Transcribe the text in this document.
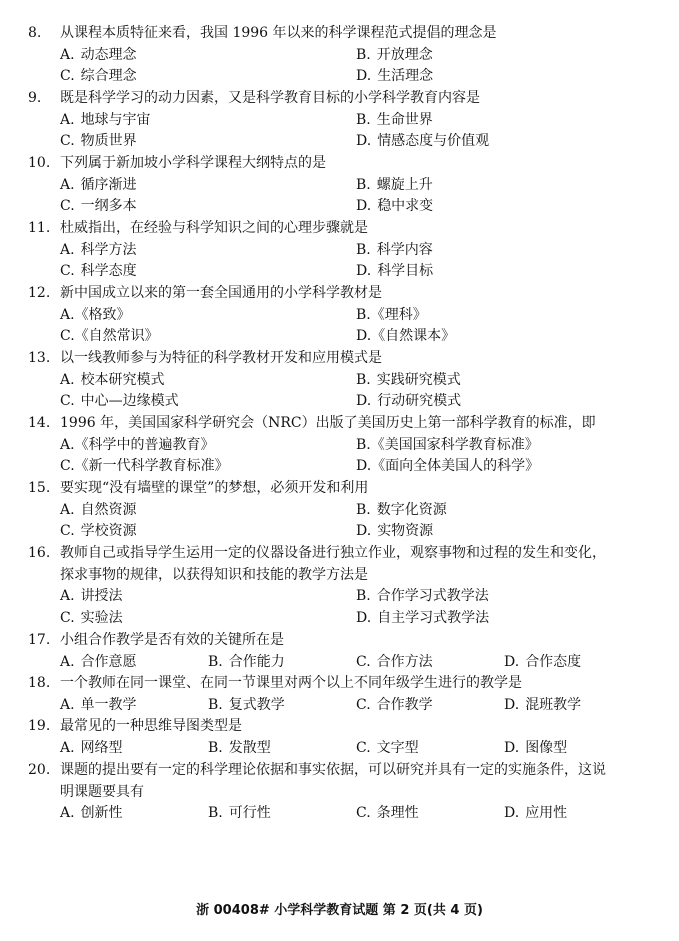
8. 从课程本质特征来看，我国 1996 年以来的科学课程范式提倡的理念是
A. 动态理念	B. 开放理念
C. 综合理念	D. 生活理念
9. 既是科学学习的动力因素，又是科学教育目标的小学科学教育内容是
A. 地球与宇宙	B. 生命世界
C. 物质世界	D. 情感态度与价值观
10. 下列属于新加坡小学科学课程大纲特点的是
A. 循序渐进	B. 螺旋上升
C. 一纲多本	D. 稳中求变
11. 杜威指出，在经验与科学知识之间的心理步骤就是
A. 科学方法	B. 科学内容
C. 科学态度	D. 科学目标
12. 新中国成立以来的第一套全国通用的小学科学教材是
A.《格致》	B.《理科》
C.《自然常识》	D.《自然课本》
13. 以一线教师参与为特征的科学教材开发和应用模式是
A. 校本研究模式	B. 实践研究模式
C. 中心—边缘模式	D. 行动研究模式
14. 1996 年，美国国家科学研究会（NRC）出版了美国历史上第一部科学教育的标准，即
A.《科学中的普遍教育》	B.《美国国家科学教育标准》
C.《新一代科学教育标准》	D.《面向全体美国人的科学》
15. 要实现“没有墙壁的课堂”的梦想，必须开发和利用
A. 自然资源	B. 数字化资源
C. 学校资源	D. 实物资源
16. 教师自己或指导学生运用一定的仪器设备进行独立作业，观察事物和过程的发生和变化，
探求事物的规律，以获得知识和技能的教学方法是
A. 讲授法	B. 合作学习式教学法
C. 实验法	D. 自主学习式教学法
17. 小组合作教学是否有效的关键所在是
A. 合作意愿	B. 合作能力	C. 合作方法	D. 合作态度
18. 一个教师在同一课堂、在同一节课里对两个以上不同年级学生进行的教学是
A. 单一教学	B. 复式教学	C. 合作教学	D. 混班教学
19. 最常见的一种思维导图类型是
A. 网络型	B. 发散型	C. 文字型	D. 图像型
20. 课题的提出要有一定的科学理论依据和事实依据，可以研究并具有一定的实施条件，这说
明课题要具有
A. 创新性	B. 可行性	C. 条理性	D. 应用性
浙 00408# 小学科学教育试题 第 2 页(共 4 页)
